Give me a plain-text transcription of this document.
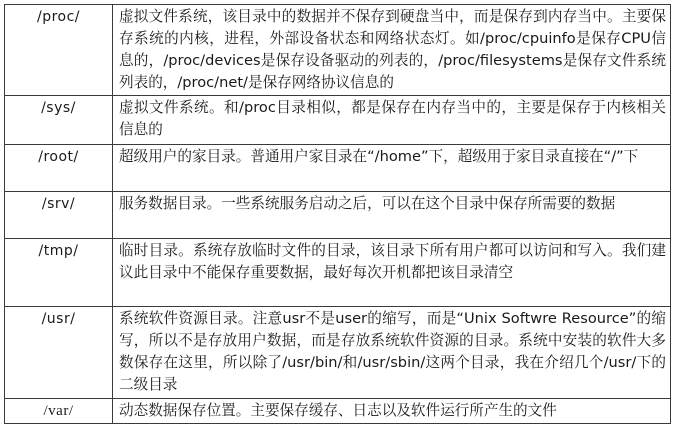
/proc/	虚拟文件系统，该目录中的数据并不保存到硬盘当中，而是保存到内存当中。主要保存系统的内核，进程，外部设备状态和网络状态灯。如/proc/cpuinfo是保存CPU信息的，/proc/devices是保存设备驱动的列表的，/proc/filesystems是保存文件系统列表的，/proc/net/是保存网络协议信息的
/sys/	虚拟文件系统。和/proc目录相似，都是保存在内存当中的，主要是保存于内核相关信息的
/root/	超级用户的家目录。普通用户家目录在“/home”下，超级用于家目录直接在“/”下
/srv/	服务数据目录。一些系统服务启动之后，可以在这个目录中保存所需要的数据
/tmp/	临时目录。系统存放临时文件的目录，该目录下所有用户都可以访问和写入。我们建议此目录中不能保存重要数据，最好每次开机都把该目录清空
/usr/	系统软件资源目录。注意usr不是user的缩写，而是“Unix Softwre Resource”的缩写，所以不是存放用户数据，而是存放系统软件资源的目录。系统中安装的软件大多数保存在这里，所以除了/usr/bin/和/usr/sbin/这两个目录，我在介绍几个/usr/下的二级目录
/var/	动态数据保存位置。主要保存缓存、日志以及软件运行所产生的文件
